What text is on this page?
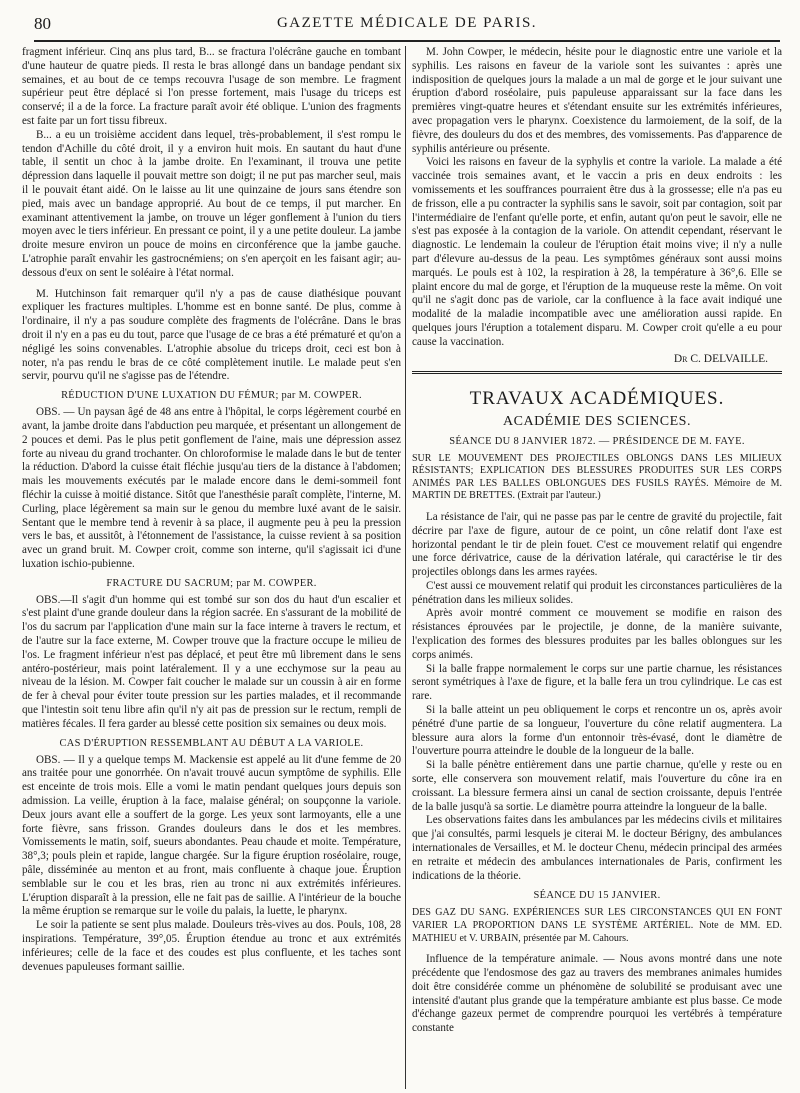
80	GAZETTE MÉDICALE DE PARIS.

fragment inférieur. Cinq ans plus tard, B... se fractura l'olécrâne gauche en tombant d'une hauteur de quatre pieds. Il resta le bras allongé dans un bandage pendant six semaines, et au bout de ce temps recouvra l'usage de son membre. Le fragment supérieur peut être déplacé si l'on presse fortement, mais l'usage du triceps est conservé; il a de la force. La fracture paraît avoir été oblique. L'union des fragments est faite par un fort tissu fibreux.

B... a eu un troisième accident dans lequel, très-probablement, il s'est rompu le tendon d'Achille du côté droit, il y a environ huit mois. En sautant du haut d'une table, il sentit un choc à la jambe droite. En l'examinant, il trouva une petite dépression dans laquelle il pouvait mettre son doigt; il ne put pas marcher seul, mais il le pouvait étant aidé. On le laisse au lit une quinzaine de jours sans étendre son pied, mais avec un bandage approprié. Au bout de ce temps, il put marcher. En examinant attentivement la jambe, on trouve un léger gonflement à l'union du tiers moyen avec le tiers inférieur. En pressant ce point, il y a une petite douleur. La jambe droite mesure environ un pouce de moins en circonférence que la jambe gauche. L'atrophie paraît envahir les gastrocnémiens; on s'en aperçoit en les faisant agir; au-dessous d'eux on sent le soléaire à l'état normal.

M. Hutchinson fait remarquer qu'il n'y a pas de cause diathésique pouvant expliquer les fractures multiples. L'homme est en bonne santé. De plus, comme à l'ordinaire, il n'y a pas soudure complète des fragments de l'olécrâne. Dans le bras droit il n'y en a pas eu du tout, parce que l'usage de ce bras a été prématuré et qu'on a négligé les soins convenables. L'atrophie absolue du triceps droit, ceci est bon à noter, n'a pas rendu le bras de ce côté complètement inutile. Le malade peut s'en servir, pourvu qu'il ne s'agisse pas de l'étendre.

RÉDUCTION D'UNE LUXATION DU FÉMUR; par M. COWPER.

OBS. — Un paysan âgé de 48 ans entre à l'hôpital, le corps légèrement courbé en avant, la jambe droite dans l'abduction peu marquée, et présentant un allongement de 2 pouces et demi. Pas le plus petit gonflement de l'aine, mais une dépression assez forte au niveau du grand trochanter. On chloroformise le malade dans le but de tenter la réduction. D'abord la cuisse était fléchie jusqu'au tiers de la distance à l'abdomen; mais les mouvements exécutés par le malade encore dans le demi-sommeil font fléchir la cuisse à moitié distance. Sitôt que l'anesthésie paraît complète, l'interne, M. Curling, place légèrement sa main sur le genou du membre luxé avant de le saisir. Sentant que le membre tend à revenir à sa place, il augmente peu à peu la pression vers le bas, et aussitôt, à l'étonnement de l'assistance, la cuisse revient à sa position avec un grand bruit. M. Cowper croit, comme son interne, qu'il s'agissait ici d'une luxation ischio-pubienne.

FRACTURE DU SACRUM; par M. COWPER.

OBS.—Il s'agit d'un homme qui est tombé sur son dos du haut d'un escalier et s'est plaint d'une grande douleur dans la région sacrée. En s'assurant de la mobilité de l'os du sacrum par l'application d'une main sur la face interne à travers le rectum, et de l'autre sur la face externe, M. Cowper trouve que la fracture occupe le milieu de l'os. Le fragment inférieur n'est pas déplacé, et peut être mû librement dans le sens antéro-postérieur, mais point latéralement. Il y a une ecchymose sur la peau au niveau de la lésion. M. Cowper fait coucher le malade sur un coussin à air en forme de fer à cheval pour éviter toute pression sur les parties malades, et il recommande que l'intestin soit tenu libre afin qu'il n'y ait pas de pression sur le rectum, rempli de matières fécales. Il fera garder au blessé cette position six semaines ou deux mois.

CAS D'ÉRUPTION RESSEMBLANT AU DÉBUT A LA VARIOLE.

OBS. — Il y a quelque temps M. Mackensie est appelé au lit d'une femme de 20 ans traitée pour une gonorrhée. On n'avait trouvé aucun symptôme de syphilis. Elle est enceinte de trois mois. Elle a vomi le matin pendant quelques jours depuis son admission. La veille, éruption à la face, malaise général; on soupçonne la variole. Deux jours avant elle a souffert de la gorge. Les yeux sont larmoyants, elle a une forte fièvre, sans frisson. Grandes douleurs dans le dos et les membres. Vomissements le matin, soif, sueurs abondantes. Peau chaude et moite. Température, 38°,3; pouls plein et rapide, langue chargée. Sur la figure éruption roséolaire, rouge, pâle, disséminée au menton et au front, mais confluente à chaque joue. Éruption semblable sur le cou et les bras, rien au tronc ni aux extrémités inférieures. L'éruption disparaît à la pression, elle ne fait pas de saillie. A l'intérieur de la bouche la même éruption se remarque sur le voile du palais, la luette, le pharynx.

Le soir la patiente se sent plus malade. Douleurs très-vives au dos. Pouls, 108, 28 inspirations. Température, 39°,05. Éruption étendue au tronc et aux extrémités inférieures; celle de la face et des coudes est plus confluente, et les taches sont devenues papuleuses formant saillie.

M. John Cowper, le médecin, hésite pour le diagnostic entre une variole et la syphilis. Les raisons en faveur de la variole sont les suivantes : après une indisposition de quelques jours la malade a un mal de gorge et le jour suivant une éruption d'abord roséolaire, puis papuleuse apparaissant sur la face dans les premières vingt-quatre heures et s'étendant ensuite sur les extrémités inférieures, avec propagation vers le pharynx. Coexistence du larmoiement, de la soif, de la fièvre, des douleurs du dos et des membres, des vomissements. Pas d'apparence de syphilis antérieure ou présente.

Voici les raisons en faveur de la syphylis et contre la variole. La malade a été vaccinée trois semaines avant, et le vaccin a pris en deux endroits : les vomissements et les souffrances pourraient être dus à la grossesse; elle n'a pas eu de frisson, elle a pu contracter la syphilis sans le savoir, soit par contagion, soit par l'intermédiaire de l'enfant qu'elle porte, et enfin, autant qu'on peut le savoir, elle ne s'est pas exposée à la contagion de la variole. On attendit cependant, réservant le diagnostic. Le lendemain la couleur de l'éruption était moins vive; il n'y a nulle part d'élevure au-dessus de la peau. Les symptômes généraux sont aussi moins marqués. Le pouls est à 102, la respiration à 28, la température à 36°,6. Elle se plaint encore du mal de gorge, et l'éruption de la muqueuse reste la même. On voit qu'il ne s'agit donc pas de variole, car la confluence à la face avait indiqué une modalité de la maladie incompatible avec une amélioration aussi rapide. En quelques jours l'éruption a totalement disparu. M. Cowper croit qu'elle a eu pour cause la vaccination.

Dr C. DELVAILLE.
TRAVAUX ACADÉMIQUES.
ACADÉMIE DES SCIENCES.
SÉANCE DU 8 JANVIER 1872. — PRÉSIDENCE DE M. FAYE.
SUR LE MOUVEMENT DES PROJECTILES OBLONGS DANS LES MILIEUX RÉSISTANTS; EXPLICATION DES BLESSURES PRODUITES SUR LES CORPS ANIMÉS PAR LES BALLES OBLONGUES DES FUSILS RAYÉS. Mémoire de M. MARTIN DE BRETTES. (Extrait par l'auteur.)

La résistance de l'air, qui ne passe pas par le centre de gravité du projectile, fait décrire par l'axe de figure, autour de ce point, un cône relatif dont l'axe est horizontal pendant le tir de plein fouet. C'est ce mouvement relatif qui engendre une force dérivatrice, cause de la dérivation latérale, qui caractérise le tir des projectiles oblongs dans les armes rayées.

C'est aussi ce mouvement relatif qui produit les circonstances particulières de la pénétration dans les milieux solides.

Après avoir montré comment ce mouvement se modifie en raison des résistances éprouvées par le projectile, je donne, de la manière suivante, l'explication des formes des blessures produites par les balles oblongues sur les corps animés.

Si la balle frappe normalement le corps sur une partie charnue, les résistances seront symétriques à l'axe de figure, et la balle fera un trou cylindrique. Le cas est rare.

Si la balle atteint un peu obliquement le corps et rencontre un os, après avoir pénétré d'une partie de sa longueur, l'ouverture du cône relatif augmentera. La blessure aura alors la forme d'un entonnoir très-évasé, dont le diamètre de l'ouverture pourra atteindre le double de la longueur de la balle.

Si la balle pénètre entièrement dans une partie charnue, qu'elle y reste ou en sorte, elle conservera son mouvement relatif, mais l'ouverture du cône ira en croissant. La blessure fermera ainsi un canal de section croissante, depuis l'entrée de la balle jusqu'à sa sortie. Le diamètre pourra atteindre la longueur de la balle.

Les observations faites dans les ambulances par les médecins civils et militaires que j'ai consultés, parmi lesquels je citerai M. le docteur Bérigny, des ambulances internationales de Versailles, et M. le docteur Chenu, médecin principal des armées en retraite et médecin des ambulances internationales de Paris, confirment les indications de la théorie.

SÉANCE DU 15 JANVIER.
DES GAZ DU SANG. EXPÉRIENCES SUR LES CIRCONSTANCES QUI EN FONT VARIER LA PROPORTION DANS LE SYSTÈME ARTÉRIEL. Note de MM. ED. MATHIEU et V. URBAIN, présentée par M. Cahours.

Influence de la température animale. — Nous avons montré dans une note précédente que l'endosmose des gaz au travers des membranes animales humides doit être considérée comme un phénomène de solubilité se produisant avec une intensité d'autant plus grande que la température ambiante est plus basse. Ce mode d'échange gazeux permet de comprendre pourquoi les vertébrés à température constante
